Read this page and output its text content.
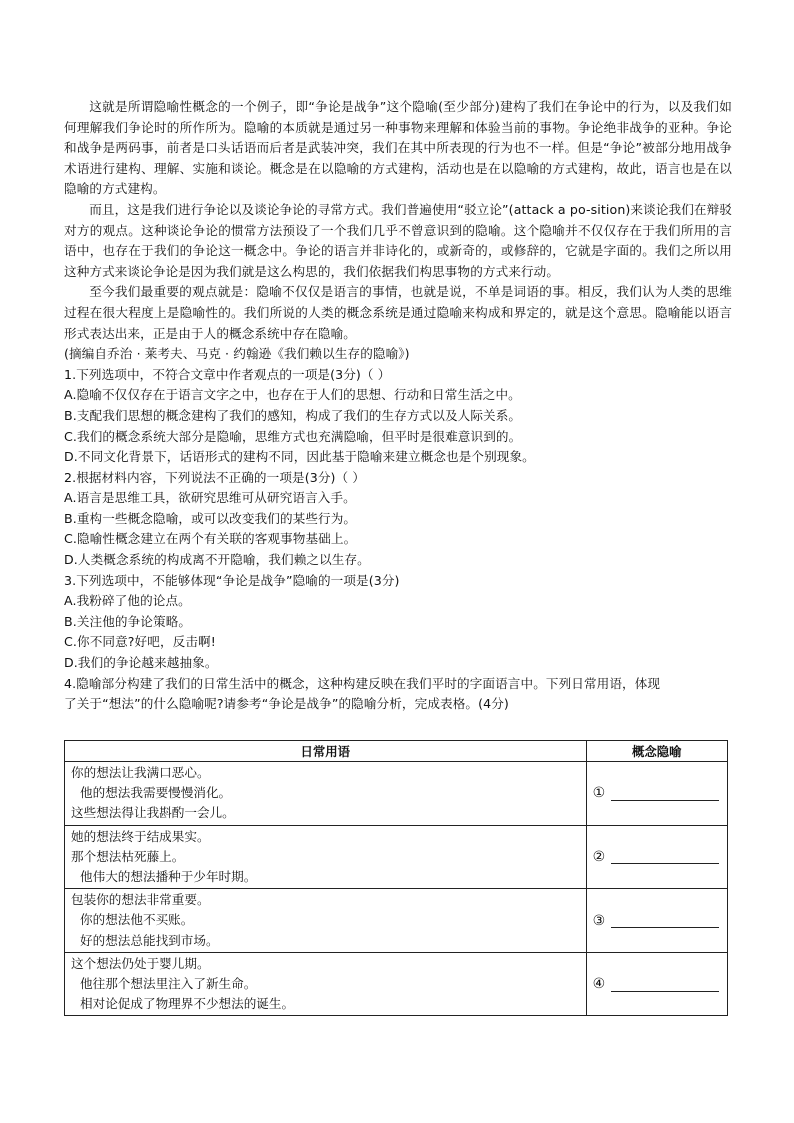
这就是所谓隐喻性概念的一个例子，即“争论是战争”这个隐喻(至少部分)建构了我们在争论中的行为，以及我们如何理解我们争论时的所作所为。隐喻的本质就是通过另一种事物来理解和体验当前的事物。争论绝非战争的亚种。争论和战争是两码事，前者是口头话语而后者是武装冲突，我们在其中所表现的行为也不一样。但是“争论”被部分地用战争术语进行建构、理解、实施和谈论。概念是在以隐喻的方式建构，活动也是在以隐喻的方式建构，故此，语言也是在以隐喻的方式建构。

而且，这是我们进行争论以及谈论争论的寻常方式。我们普遍使用“驳立论”(attack a po-sition)来谈论我们在辩驳对方的观点。这种谈论争论的惯常方法预设了一个我们几乎不曾意识到的隐喻。这个隐喻并不仅仅存在于我们所用的言语中，也存在于我们的争论这一概念中。争论的语言并非诗化的，或新奇的，或修辞的，它就是字面的。我们之所以用这种方式来谈论争论是因为我们就是这么构思的，我们依据我们构思事物的方式来行动。

至今我们最重要的观点就是：隐喻不仅仅是语言的事情，也就是说，不单是词语的事。相反，我们认为人类的思维过程在很大程度上是隐喻性的。我们所说的人类的概念系统是通过隐喻来构成和界定的，就是这个意思。隐喻能以语言形式表达出来，正是由于人的概念系统中存在隐喻。

(摘编自乔治 · 莱考夫、马克 · 约翰逊《我们赖以生存的隐喻》)

1.下列选项中，不符合文章中作者观点的一项是(3分)（ ）

A.隐喻不仅仅存在于语言文字之中，也存在于人们的思想、行动和日常生活之中。

B.支配我们思想的概念建构了我们的感知，构成了我们的生存方式以及人际关系。

C.我们的概念系统大部分是隐喻，思维方式也充满隐喻，但平时是很难意识到的。

D.不同文化背景下，话语形式的建构不同，因此基于隐喻来建立概念也是个别现象。

2.根据材料内容，下列说法不正确的一项是(3分)（ ）

A.语言是思维工具，欲研究思维可从研究语言入手。

B.重构一些概念隐喻，或可以改变我们的某些行为。

C.隐喻性概念建立在两个有关联的客观事物基础上。

D.人类概念系统的构成离不开隐喻，我们赖之以生存。

3.下列选项中，不能够体现“争论是战争”隐喻的一项是(3分)

A.我粉碎了他的论点。

B.关注他的争论策略。

C.你不同意?好吧，反击啊!

D.我们的争论越来越抽象。

4.隐喻部分构建了我们的日常生活中的概念，这种构建反映在我们平时的字面语言中。下列日常用语，体现

了关于“想法”的什么隐喻呢?请参考“争论是战争”的隐喻分析，完成表格。(4分)

日常用语	概念隐喻

你的想法让我满口恶心。
他的想法我需要慢慢消化。
这些想法得让我斟酌一会儿。	①

她的想法终于结成果实。
那个想法枯死藤上。
他伟大的想法播种于少年时期。	②

包装你的想法非常重要。
你的想法他不买账。
好的想法总能找到市场。	③

这个想法仍处于婴儿期。
他往那个想法里注入了新生命。
相对论促成了物理界不少想法的诞生。	④
